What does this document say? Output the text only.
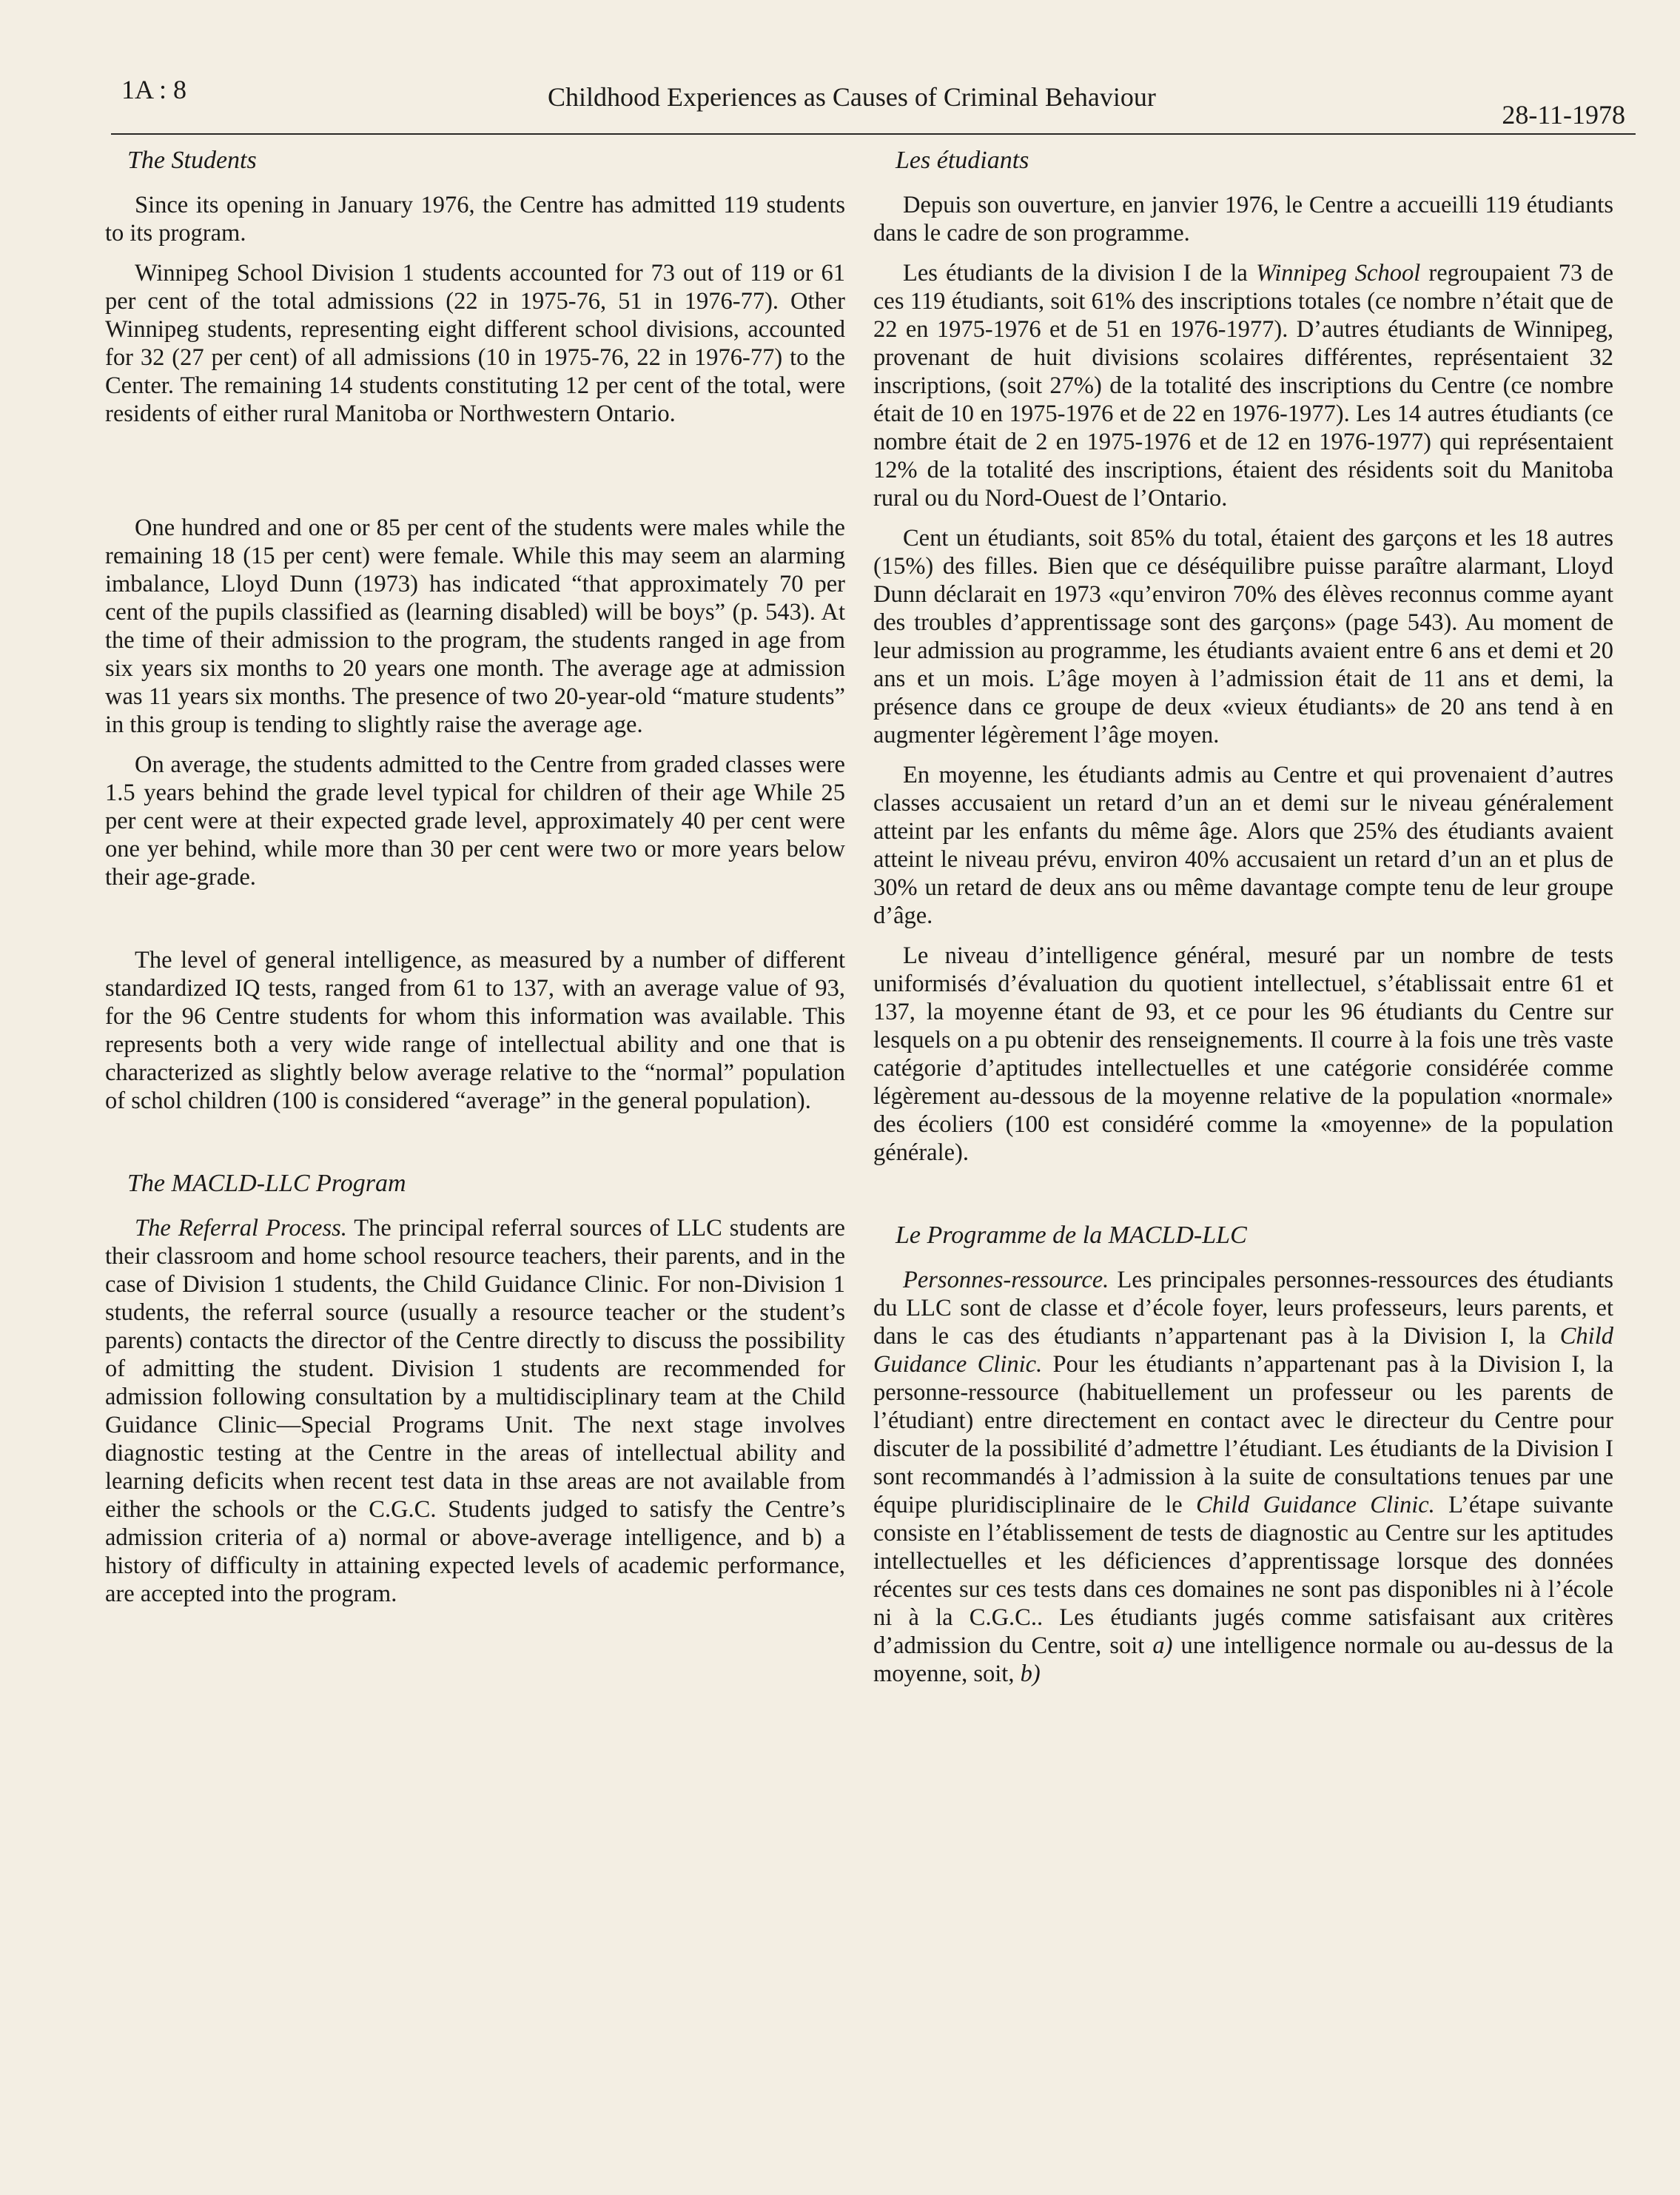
1A : 8	Childhood Experiences as Causes of Criminal Behaviour
28-11-1978
The Students

Since its opening in January 1976, the Centre has admitted 119 students to its program.

Winnipeg School Division 1 students accounted for 73 out of 119 or 61 per cent of the total admissions (22 in 1975-76, 51 in 1976-77). Other Winnipeg students, representing eight different school divisions, accounted for 32 (27 per cent) of all admissions (10 in 1975-76, 22 in 1976-77) to the Center. The remaining 14 students constituting 12 per cent of the total, were residents of either rural Manitoba or Northwestern Ontario.

One hundred and one or 85 per cent of the students were males while the remaining 18 (15 per cent) were female. While this may seem an alarming imbalance, Lloyd Dunn (1973) has indicated “that approximately 70 per cent of the pupils classified as (learning disabled) will be boys” (p. 543). At the time of their admission to the program, the students ranged in age from six years six months to 20 years one month. The average age at admission was 11 years six months. The presence of two 20-year-old “mature students” in this group is tending to slightly raise the average age.

On average, the students admitted to the Centre from graded classes were 1.5 years behind the grade level typical for children of their age While 25 per cent were at their expected grade level, approximately 40 per cent were one yer behind, while more than 30 per cent were two or more years below their age-grade.

The level of general intelligence, as measured by a number of different standardized IQ tests, ranged from 61 to 137, with an average value of 93, for the 96 Centre students for whom this information was available. This represents both a very wide range of intellectual ability and one that is characterized as slightly below average relative to the “normal” population of schol children (100 is considered “average” in the general population).

The MACLD-LLC Program

The Referral Process. The principal referral sources of LLC students are their classroom and home school resource teachers, their parents, and in the case of Division 1 students, the Child Guidance Clinic. For non-Division 1 students, the referral source (usually a resource teacher or the student’s parents) contacts the director of the Centre directly to discuss the possibility of admitting the student. Division 1 students are recommended for admission following consultation by a multidisciplinary team at the Child Guidance Clinic—Special Programs Unit. The next stage involves diagnostic testing at the Centre in the areas of intellectual ability and learning deficits when recent test data in thse areas are not available from either the schools or the C.G.C. Students judged to satisfy the Centre’s admission criteria of a) normal or above-average intelligence, and b) a history of difficulty in attaining expected levels of academic performance, are accepted into the program.

Les étudiants

Depuis son ouverture, en janvier 1976, le Centre a accueilli 119 étudiants dans le cadre de son programme.

Les étudiants de la division I de la Winnipeg School regroupaient 73 de ces 119 étudiants, soit 61% des inscriptions totales (ce nombre n’était que de 22 en 1975-1976 et de 51 en 1976-1977). D’autres étudiants de Winnipeg, provenant de huit divisions scolaires différentes, représentaient 32 inscriptions, (soit 27%) de la totalité des inscriptions du Centre (ce nombre était de 10 en 1975-1976 et de 22 en 1976-1977). Les 14 autres étudiants (ce nombre était de 2 en 1975-1976 et de 12 en 1976-1977) qui représentaient 12% de la totalité des inscriptions, étaient des résidents soit du Manitoba rural ou du Nord-Ouest de l’Ontario.

Cent un étudiants, soit 85% du total, étaient des garçons et les 18 autres (15%) des filles. Bien que ce déséquilibre puisse paraître alarmant, Lloyd Dunn déclarait en 1973 «qu’environ 70% des élèves reconnus comme ayant des troubles d’apprentissage sont des garçons» (page 543). Au moment de leur admission au programme, les étudiants avaient entre 6 ans et demi et 20 ans et un mois. L’âge moyen à l’admission était de 11 ans et demi, la présence dans ce groupe de deux «vieux étudiants» de 20 ans tend à en augmenter légèrement l’âge moyen.

En moyenne, les étudiants admis au Centre et qui provenaient d’autres classes accusaient un retard d’un an et demi sur le niveau généralement atteint par les enfants du même âge. Alors que 25% des étudiants avaient atteint le niveau prévu, environ 40% accusaient un retard d’un an et plus de 30% un retard de deux ans ou même davantage compte tenu de leur groupe d’âge.

Le niveau d’intelligence général, mesuré par un nombre de tests uniformisés d’évaluation du quotient intellectuel, s’établissait entre 61 et 137, la moyenne étant de 93, et ce pour les 96 étudiants du Centre sur lesquels on a pu obtenir des renseignements. Il courre à la fois une très vaste catégorie d’aptitudes intellectuelles et une catégorie considérée comme légèrement au-dessous de la moyenne relative de la population «normale» des écoliers (100 est considéré comme la «moyenne» de la population générale).

Le Programme de la MACLD-LLC

Personnes-ressource. Les principales personnes-ressources des étudiants du LLC sont de classe et d’école foyer, leurs professeurs, leurs parents, et dans le cas des étudiants n’appartenant pas à la Division I, la Child Guidance Clinic. Pour les étudiants n’appartenant pas à la Division I, la personne-ressource (habituellement un professeur ou les parents de l’étudiant) entre directement en contact avec le directeur du Centre pour discuter de la possibilité d’admettre l’étudiant. Les étudiants de la Division I sont recommandés à l’admission à la suite de consultations tenues par une équipe pluridisciplinaire de le Child Guidance Clinic. L’étape suivante consiste en l’établissement de tests de diagnostic au Centre sur les aptitudes intellectuelles et les déficiences d’apprentissage lorsque des données récentes sur ces tests dans ces domaines ne sont pas disponibles ni à l’école ni à la C.G.C.. Les étudiants jugés comme satisfaisant aux critères d’admission du Centre, soit a) une intelligence normale ou au-dessus de la moyenne, soit, b)
